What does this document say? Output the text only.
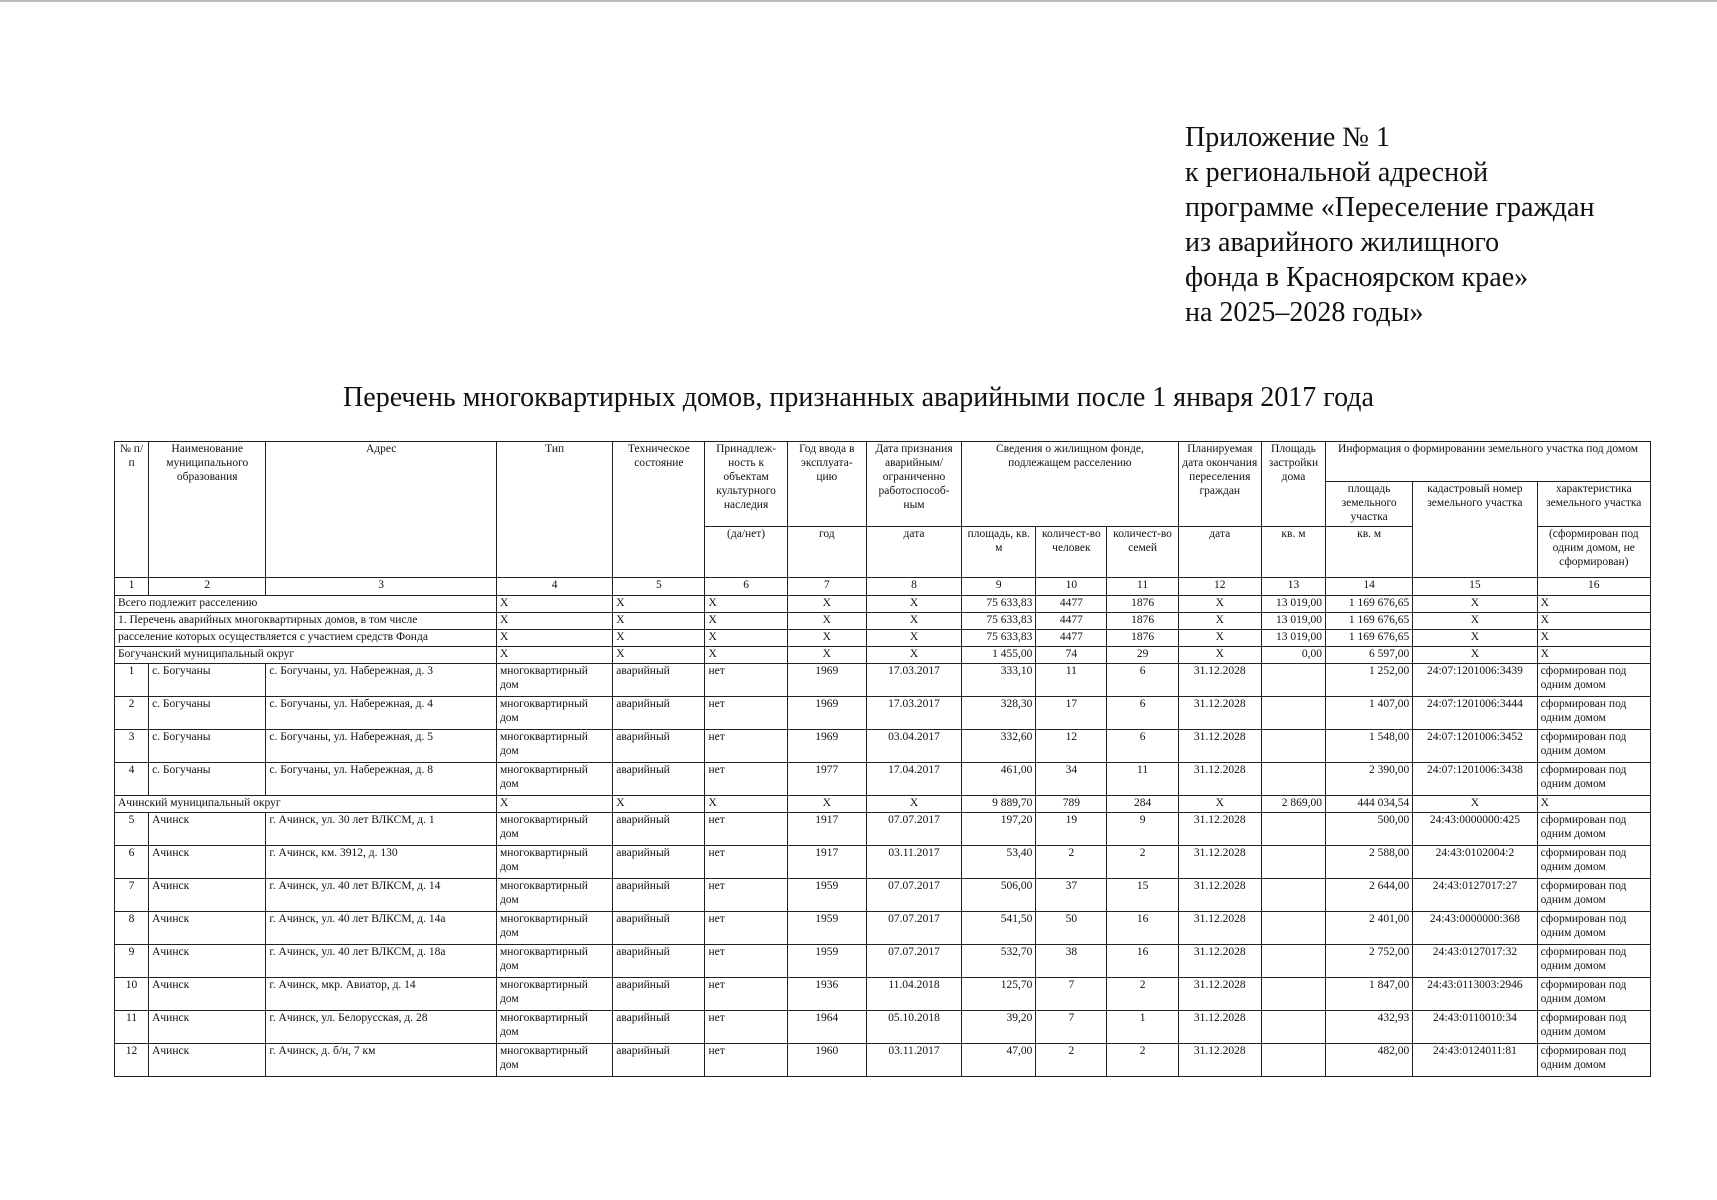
Приложение № 1
к региональной адресной
программе «Переселение граждан
из аварийного жилищного
фонда в Красноярском крае»
на 2025–2028 годы»
Перечень многоквартирных домов, признанных аварийными после 1 января 2017 года
№ п/п	Наименование муниципального образования	Адрес	Тип	Техническое состояние	Принадлеж-ность к объектам культурного наследия	Год ввода в эксплуата-цию	Дата признания аварийным/ ограниченно работоспособ-ным	Сведения о жилищном фонде, подлежащем расселению			Планируемая дата окончания переселения граждан	Площадь застройки дома	Информация о формировании земельного участка под домом		
													площадь земельного участка	кадастровый номер земельного участка	характеристика земельного участка
					(да/нет)	год	дата	площадь, кв. м	количест-во человек	количест-во семей	дата	кв. м	кв. м		(сформирован под одним домом, не сформирован)
1	2	3	4	5	6	7	8	9	10	11	12	13	14	15	16
Всего подлежит расселению			X	X	X	X	X	75 633,83	4477	1876	X	13 019,00	1 169 676,65	X	X
1. Перечень аварийных многоквартирных домов, в том числе			X	X	X	X	X	75 633,83	4477	1876	X	13 019,00	1 169 676,65	X	X
расселение которых осуществляется с участием средств Фонда			X	X	X	X	X	75 633,83	4477	1876	X	13 019,00	1 169 676,65	X	X
Богучанский муниципальный округ			X	X	X	X	X	1 455,00	74	29	X	0,00	6 597,00	X	X
1	с. Богучаны	с. Богучаны, ул. Набережная, д. 3	многоквартирный дом	аварийный	нет	1969	17.03.2017	333,10	11	6	31.12.2028		1 252,00	24:07:1201006:3439	сформирован под одним домом
2	с. Богучаны	с. Богучаны, ул. Набережная, д. 4	многоквартирный дом	аварийный	нет	1969	17.03.2017	328,30	17	6	31.12.2028		1 407,00	24:07:1201006:3444	сформирован под одним домом
3	с. Богучаны	с. Богучаны, ул. Набережная, д. 5	многоквартирный дом	аварийный	нет	1969	03.04.2017	332,60	12	6	31.12.2028		1 548,00	24:07:1201006:3452	сформирован под одним домом
4	с. Богучаны	с. Богучаны, ул. Набережная, д. 8	многоквартирный дом	аварийный	нет	1977	17.04.2017	461,00	34	11	31.12.2028		2 390,00	24:07:1201006:3438	сформирован под одним домом
Ачинский муниципальный округ			X	X	X	X	X	9 889,70	789	284	X	2 869,00	444 034,54	X	X
5	Ачинск	г. Ачинск, ул. 30 лет ВЛКСМ, д. 1	многоквартирный дом	аварийный	нет	1917	07.07.2017	197,20	19	9	31.12.2028		500,00	24:43:0000000:425	сформирован под одним домом
6	Ачинск	г. Ачинск, км. 3912, д. 130	многоквартирный дом	аварийный	нет	1917	03.11.2017	53,40	2	2	31.12.2028		2 588,00	24:43:0102004:2	сформирован под одним домом
7	Ачинск	г. Ачинск, ул. 40 лет ВЛКСМ, д. 14	многоквартирный дом	аварийный	нет	1959	07.07.2017	506,00	37	15	31.12.2028		2 644,00	24:43:0127017:27	сформирован под одним домом
8	Ачинск	г. Ачинск, ул. 40 лет ВЛКСМ, д. 14а	многоквартирный дом	аварийный	нет	1959	07.07.2017	541,50	50	16	31.12.2028		2 401,00	24:43:0000000:368	сформирован под одним домом
9	Ачинск	г. Ачинск, ул. 40 лет ВЛКСМ, д. 18а	многоквартирный дом	аварийный	нет	1959	07.07.2017	532,70	38	16	31.12.2028		2 752,00	24:43:0127017:32	сформирован под одним домом
10	Ачинск	г. Ачинск, мкр. Авиатор, д. 14	многоквартирный дом	аварийный	нет	1936	11.04.2018	125,70	7	2	31.12.2028		1 847,00	24:43:0113003:2946	сформирован под одним домом
11	Ачинск	г. Ачинск, ул. Белорусская, д. 28	многоквартирный дом	аварийный	нет	1964	05.10.2018	39,20	7	1	31.12.2028		432,93	24:43:0110010:34	сформирован под одним домом
12	Ачинск	г. Ачинск, д. б/н, 7 км	многоквартирный дом	аварийный	нет	1960	03.11.2017	47,00	2	2	31.12.2028		482,00	24:43:0124011:81	сформирован под одним домом
